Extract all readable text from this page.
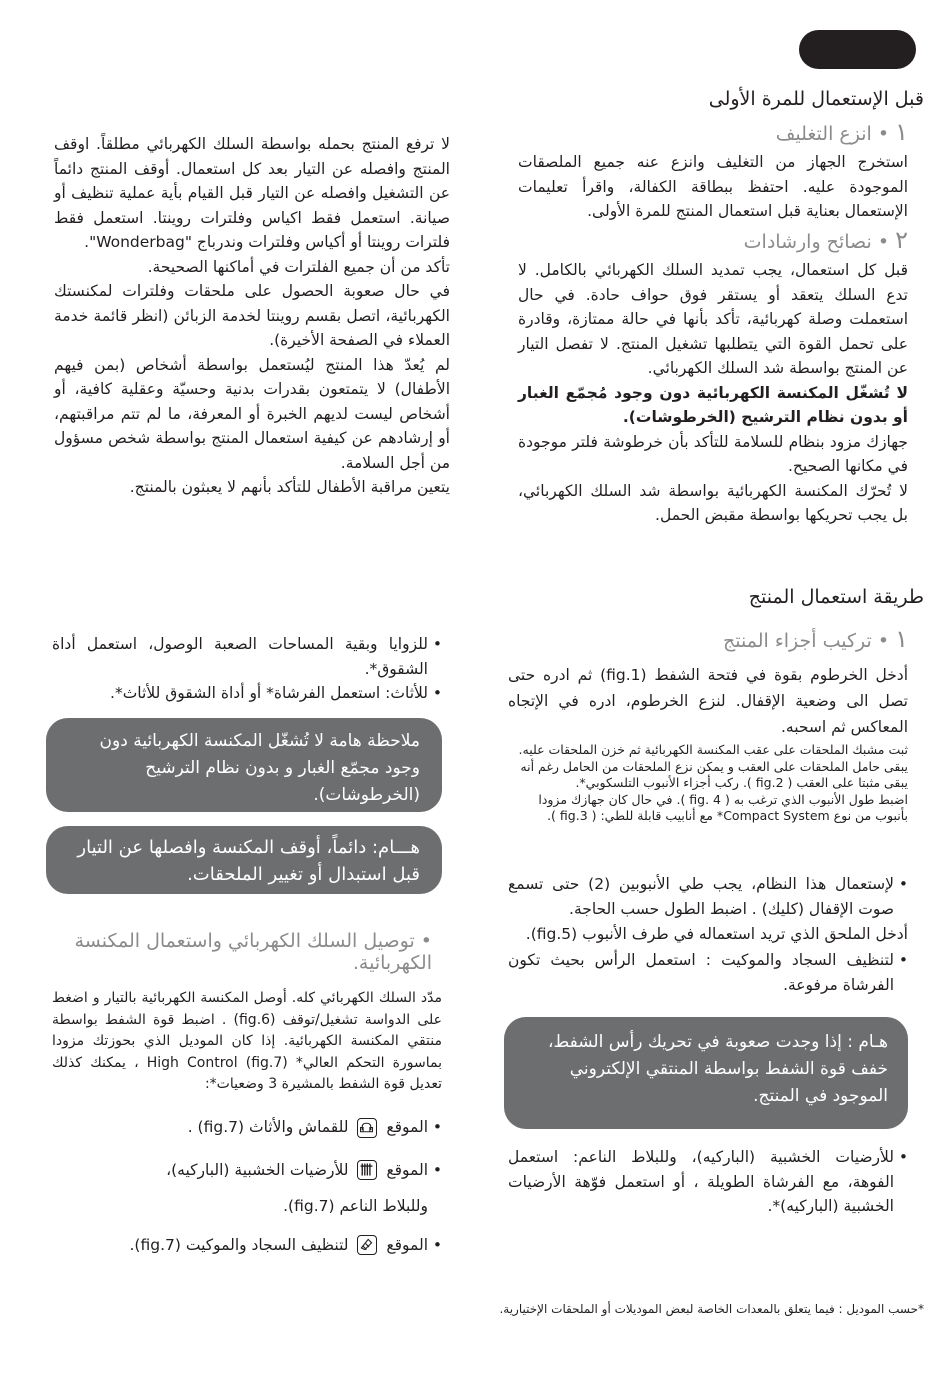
قبل الإستعمال للمرة الأولى
١ • انزع التغليف
استخرج الجهاز من التغليف وانزع عنه جميع الملصقات الموجودة عليه. احتفظ ببطاقة الكفالة، واقرأ تعليمات الإستعمال بعناية قبل استعمال المنتج للمرة الأولى.
٢ • نصائح وارشادات

قبل كل استعمال، يجب تمديد السلك الكهربائي بالكامل. لا تدع السلك يتعقد أو يستقر فوق حواف حادة. في حال استعملت وصلة كهربائية، تأكد بأنها في حالة ممتازة، وقادرة على تحمل القوة التي يتطلبها تشغيل المنتج. لا تفصل التيار عن المنتج بواسطة شد السلك الكهربائي.

لا تُشغّل المكنسة الكهربائية دون وجود مُجمّع الغبار أو بدون نظام الترشيح (الخرطوشات).

جهازك مزود بنظام للسلامة للتأكد بأن خرطوشة فلتر موجودة في مكانها الصحيح.

لا تُحرّك المكنسة الكهربائية بواسطة شد السلك الكهربائي، بل يجب تحريكها بواسطة مقبض الحمل.

لا ترفع المنتج بحمله بواسطة السلك الكهربائي مطلقاً. اوقف المنتج وافصله عن التيار بعد كل استعمال. أوقف المنتج دائماً عن التشغيل وافصله عن التيار قبل القيام بأية عملية تنظيف أو صيانة. استعمل فقط اكياس وفلترات روينتا. استعمل فقط فلترات روينتا أو أكياس وفلترات وندرباج "Wonderbag".

تأكد من أن جميع الفلترات في أماكنها الصحيحة.

في حال صعوبة الحصول على ملحقات وفلترات لمكنستك الكهربائية، اتصل بقسم روينتا لخدمة الزبائن (انظر قائمة خدمة العملاء في الصفحة الأخيرة).

لم يُعدّ هذا المنتج ليُستعمل بواسطة أشخاص (بمن فيهم الأطفال) لا يتمتعون بقدرات بدنية وحسيّة وعقلية كافية، أو أشخاص ليست لديهم الخبرة أو المعرفة، ما لم تتم مراقبتهم، أو إرشادهم عن كيفية استعمال المنتج بواسطة شخص مسؤول من أجل السلامة.

يتعين مراقبة الأطفال للتأكد بأنهم لا يعبثون بالمنتج.

طريقة استعمال المنتج
١ • تركيب أجزاء المنتج
أدخل الخرطوم بقوة في فتحة الشفط (fig.1) ثم ادره حتى تصل الى وضعية الإقفال. لنزع الخرطوم، ادره في الإتجاه المعاكس ثم اسحبه.

ثبت مشبك الملحقات على عقب المكنسة الكهربائية ثم خزن الملحقات عليه.

يبقى حامل الملحقات على العقب و يمكن نزع الملحقات من الحامل رغم أنه يبقى مثبتا على العقب ( fig.2 ). ركب أجزاء الأنبوب التلسكوبي*.

اضبط طول الأنبوب الذي ترغب به ( fig. 4 ). في حال كان جهازك مزودا بأنبوب من نوع Compact System* مع أنابيب قابلة للطي: ( fig.3 ).

• لإستعمال هذا النظام، يجب طي الأنبوبين (2) حتى تسمع صوت الإقفال (كليك) . اضبط الطول حسب الحاجة.
أدخل الملحق الذي تريد استعماله في طرف الأنبوب (fig.5).
• لتنظيف السجاد والموكيت : استعمل الرأس بحيث تكون الفرشاة مرفوعة.
هـام : إذا وجدت صعوبة في تحريك رأس الشفط، خفف قوة الشفط بواسطة المنتقي الإلكتروني الموجود في المنتج.
• للأرضيات الخشبية (الباركيه)، وللبلاط الناعم: استعمل الفوهة، مع الفرشاة الطويلة ، أو استعمل فوّهة الأرضيات الخشبية (الباركيه)*.
• للزوايا وبقية المساحات الصعبة الوصول، استعمل أداة الشقوق*.
• للأثاث: استعمل الفرشاة* أو أداة الشقوق للأثاث*.
ملاحظة هامة لا تُشغّل المكنسة الكهربائية دون وجود مجمّع الغبار و بدون نظام الترشيح (الخرطوشات).
هـــام: دائماً، أوقف المكنسة وافصلها عن التيار قبل استبدال أو تغيير الملحقات.
• توصيل السلك الكهربائي واستعمال المكنسة الكهربائية.
مدّد السلك الكهربائي كله. أوصل المكنسة الكهربائية بالتيار و اضغط على الدواسة تشغيل/توقف (fig.6) . اضبط قوة الشفط بواسطة منتقي المكنسة الكهربائية. إذا كان الموديل الذي بحوزتك مزودا بماسورة التحكم العالي* High Control (fig.7) ، يمكنك كذلك تعديل قوة الشفط بالمشيرة 3 وضعيات*:
• الموقع
للقماش والأثاث (fig.7) .
• الموقع
للأرضيات الخشبية (الباركيه)،
وللبلاط الناعم (fig.7).
• الموقع
لتنظيف السجاد والموكيت (fig.7).
*حسب الموديل : فيما يتعلق بالمعدات الخاصة لبعض الموديلات أو الملحقات الإختيارية.
